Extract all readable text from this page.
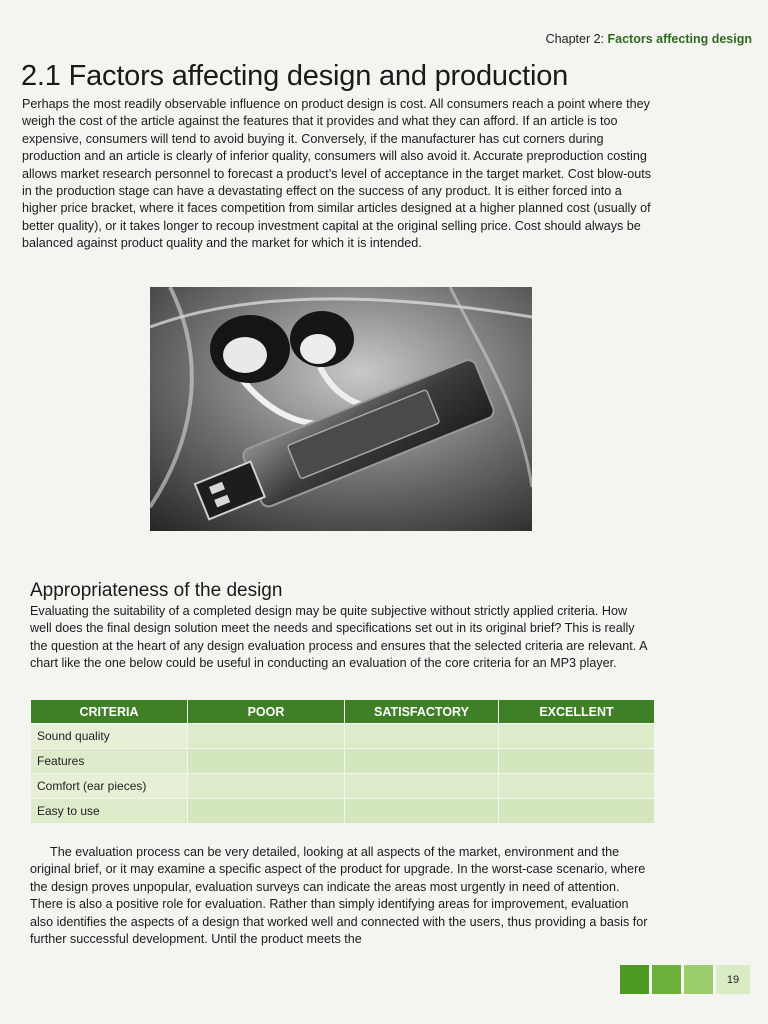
Chapter 2: Factors affecting design
2.1 Factors affecting design and production

Perhaps the most readily observable influence on product design is cost. All consumers reach a point where they weigh the cost of the article against the features that it provides and what they can afford. If an article is too expensive, consumers will tend to avoid buying it. Conversely, if the manufacturer has cut corners during production and an article is clearly of inferior quality, consumers will also avoid it. Accurate preproduction costing allows market research personnel to forecast a product’s level of acceptance in the target market. Cost blow-outs in the production stage can have a devastating effect on the success of any product. It is either forced into a higher price bracket, where it faces competition from similar articles designed at a higher planned cost (usually of better quality), or it takes longer to recoup investment capital at the original selling price. Cost should always be balanced against product quality and the market for which it is intended.

Appropriateness of the design

Evaluating the suitability of a completed design may be quite subjective without strictly applied criteria. How well does the final design solution meet the needs and specifications set out in its original brief? This is really the question at the heart of any design evaluation process and ensures that the selected criteria are relevant. A chart like the one below could be useful in conducting an evaluation of the core criteria for an MP3 player.

CRITERIA	POOR	SATISFACTORY	EXCELLENT
Sound quality			
Features			
Comfort (ear pieces)			
Easy to use			

The evaluation process can be very detailed, looking at all aspects of the market, environment and the original brief, or it may examine a specific aspect of the product for upgrade. In the worst-case scenario, where the design proves unpopular, evaluation surveys can indicate the areas most urgently in need of attention. There is also a positive role for evaluation. Rather than simply identifying areas for improvement, evaluation also identifies the aspects of a design that worked well and connected with the users, thus providing a basis for further successful development. Until the product meets the

19
